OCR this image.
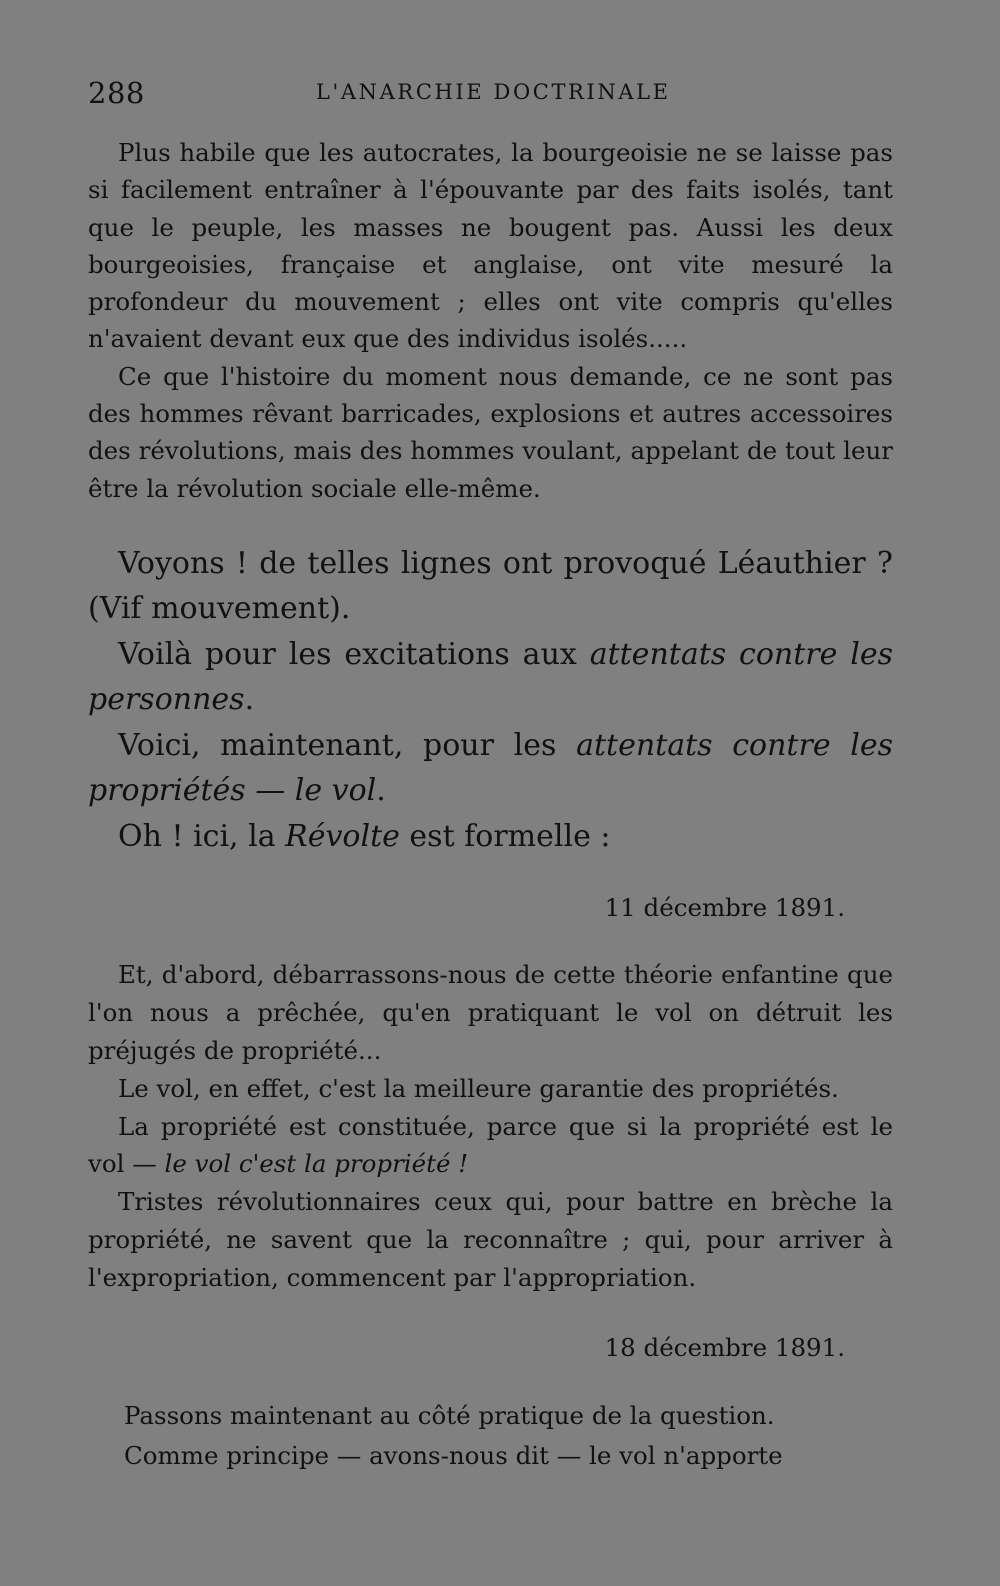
288	L'ANARCHIE DOCTRINALE

Plus habile que les autocrates, la bourgeoisie ne se laisse pas si facilement entraîner à l'épouvante par des faits isolés, tant que le peuple, les masses ne bougent pas. Aussi les deux bourgeoisies, française et anglaise, ont vite mesuré la profondeur du mouvement ; elles ont vite compris qu'elles n'avaient devant eux que des individus isolés.....

Ce que l'histoire du moment nous demande, ce ne sont pas des hommes rêvant barricades, explosions et autres accessoires des révolutions, mais des hommes voulant, appelant de tout leur être la révolution sociale elle-même.

Voyons ! de telles lignes ont provoqué Léauthier ? (Vif mouvement).

Voilà pour les excitations aux attentats contre les personnes.

Voici, maintenant, pour les attentats contre les propriétés — le vol.

Oh ! ici, la Révolte est formelle :

11 décembre 1891.

Et, d'abord, débarrassons-nous de cette théorie enfantine que l'on nous a prêchée, qu'en pratiquant le vol on détruit les préjugés de propriété...

Le vol, en effet, c'est la meilleure garantie des propriétés.

La propriété est constituée, parce que si la propriété est le vol — le vol c'est la propriété !

Tristes révolutionnaires ceux qui, pour battre en brèche la propriété, ne savent que la reconnaître ; qui, pour arriver à l'expropriation, commencent par l'appropriation.

18 décembre 1891.

Passons maintenant au côté pratique de la question.

Comme principe — avons-nous dit — le vol n'apporte
